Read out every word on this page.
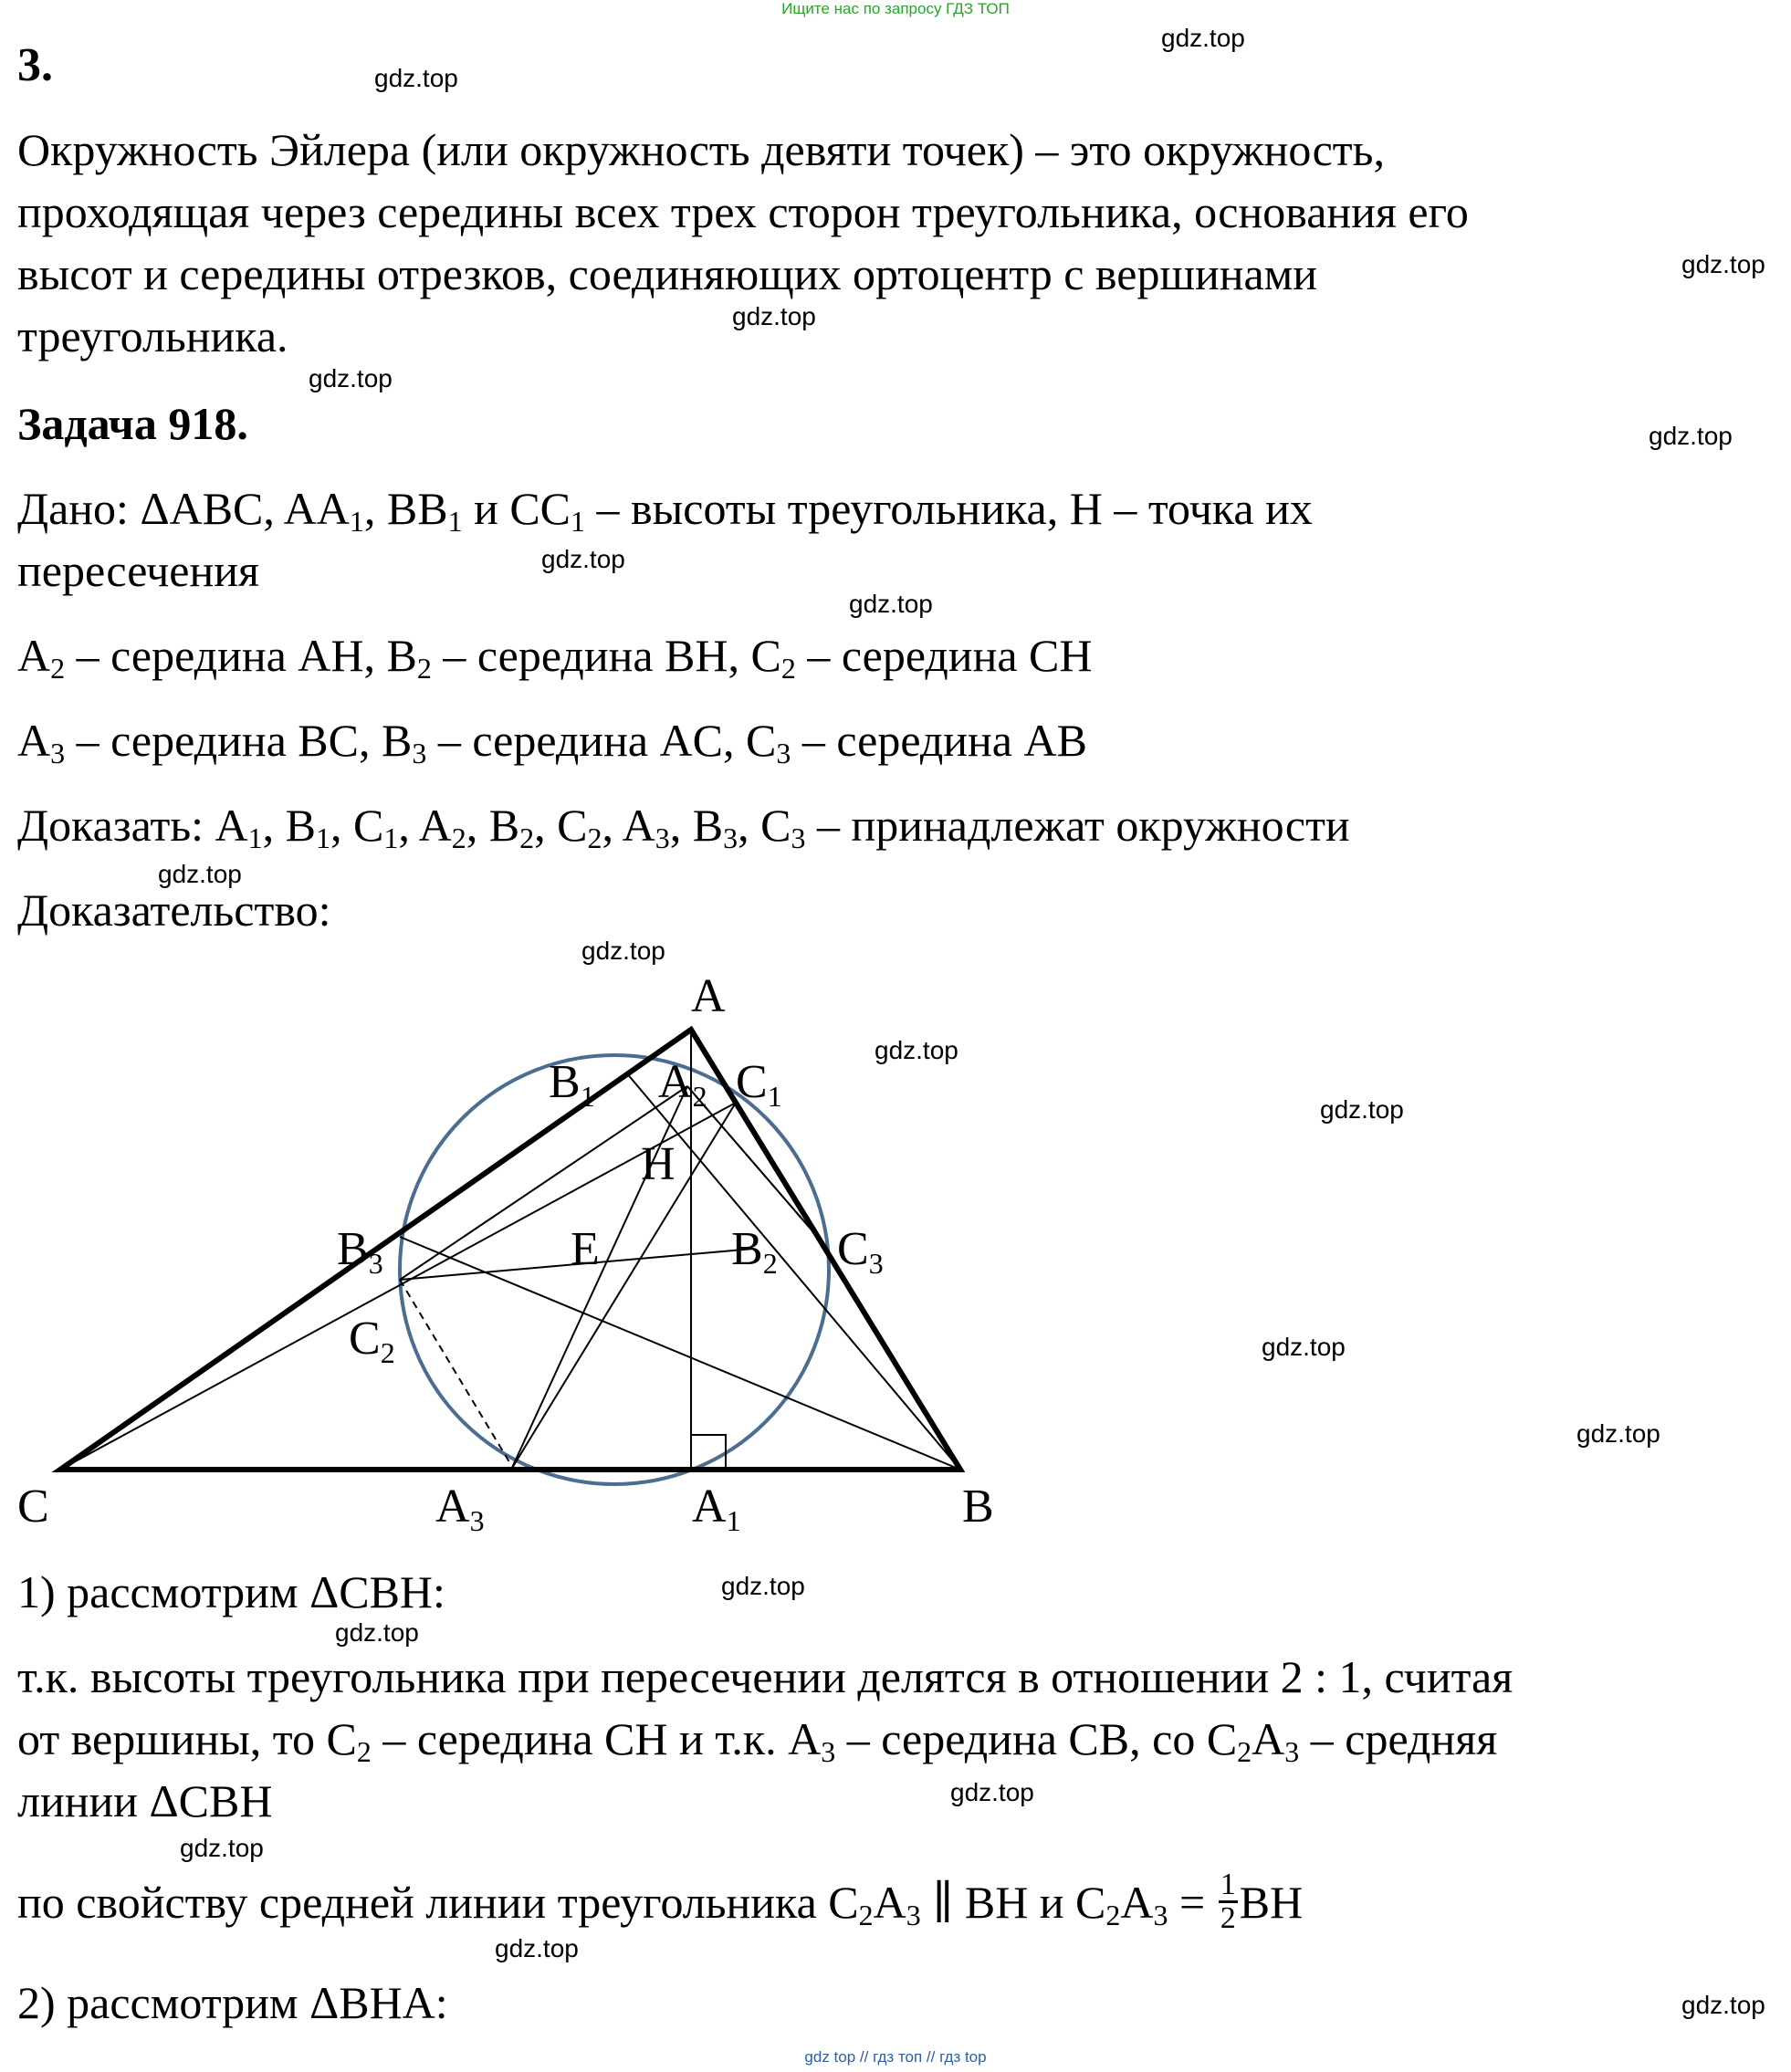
Ищите нас по запросу ГДЗ ТОП
3.
Окружность Эйлера (или окружность девяти точек) – это окружность,
проходящая через середины всех трех сторон треугольника, основания его
высот и середины отрезков, соединяющих ортоцентр с вершинами
треугольника.
Задача 918.
Дано: ΔABC, $AA_1$, $BB_1$ и $CC_1$ – высоты треугольника, H – точка их
пересечения
$A_2$ – середина AH, $B_2$ – середина BH, $C_2$ – середина CH
$A_3$ – середина BC, $B_3$ – середина AC, $C_3$ – середина AB
Доказать: $A_1$, $B_1$, $C_1$, $A_2$, $B_2$, $C_2$, $A_3$, $B_3$, $C_3$ – принадлежат окружности
Доказательство:
A
B1 A2 C1
H
B3	E	B2 C3
C2
C	A3	A1	B
1) рассмотрим ΔCBH:
т.к. высоты треугольника при пересечении делятся в отношении 2 : 1, считая
от вершины, то $C_2$ – середина CH и т.к. $A_3$ – середина CB, со $C_2A_3$ – средняя
линии ΔCBH
по свойству средней линии треугольника $C_2A_3$ ∥ BH и $C_2A_3 = \frac{1}{2}$ BH
2) рассмотрим ΔBHA:
gdz.top
gdz.top
gdz.top
gdz.top
gdz.top
gdz.top
gdz.top
gdz.top
gdz.top
gdz.top
gdz.top
gdz.top
gdz.top
gdz.top
gdz.top
gdz.top
gdz.top
gdz.top
gdz.top
gdz.top
gdz top // гдз топ // гдз top
